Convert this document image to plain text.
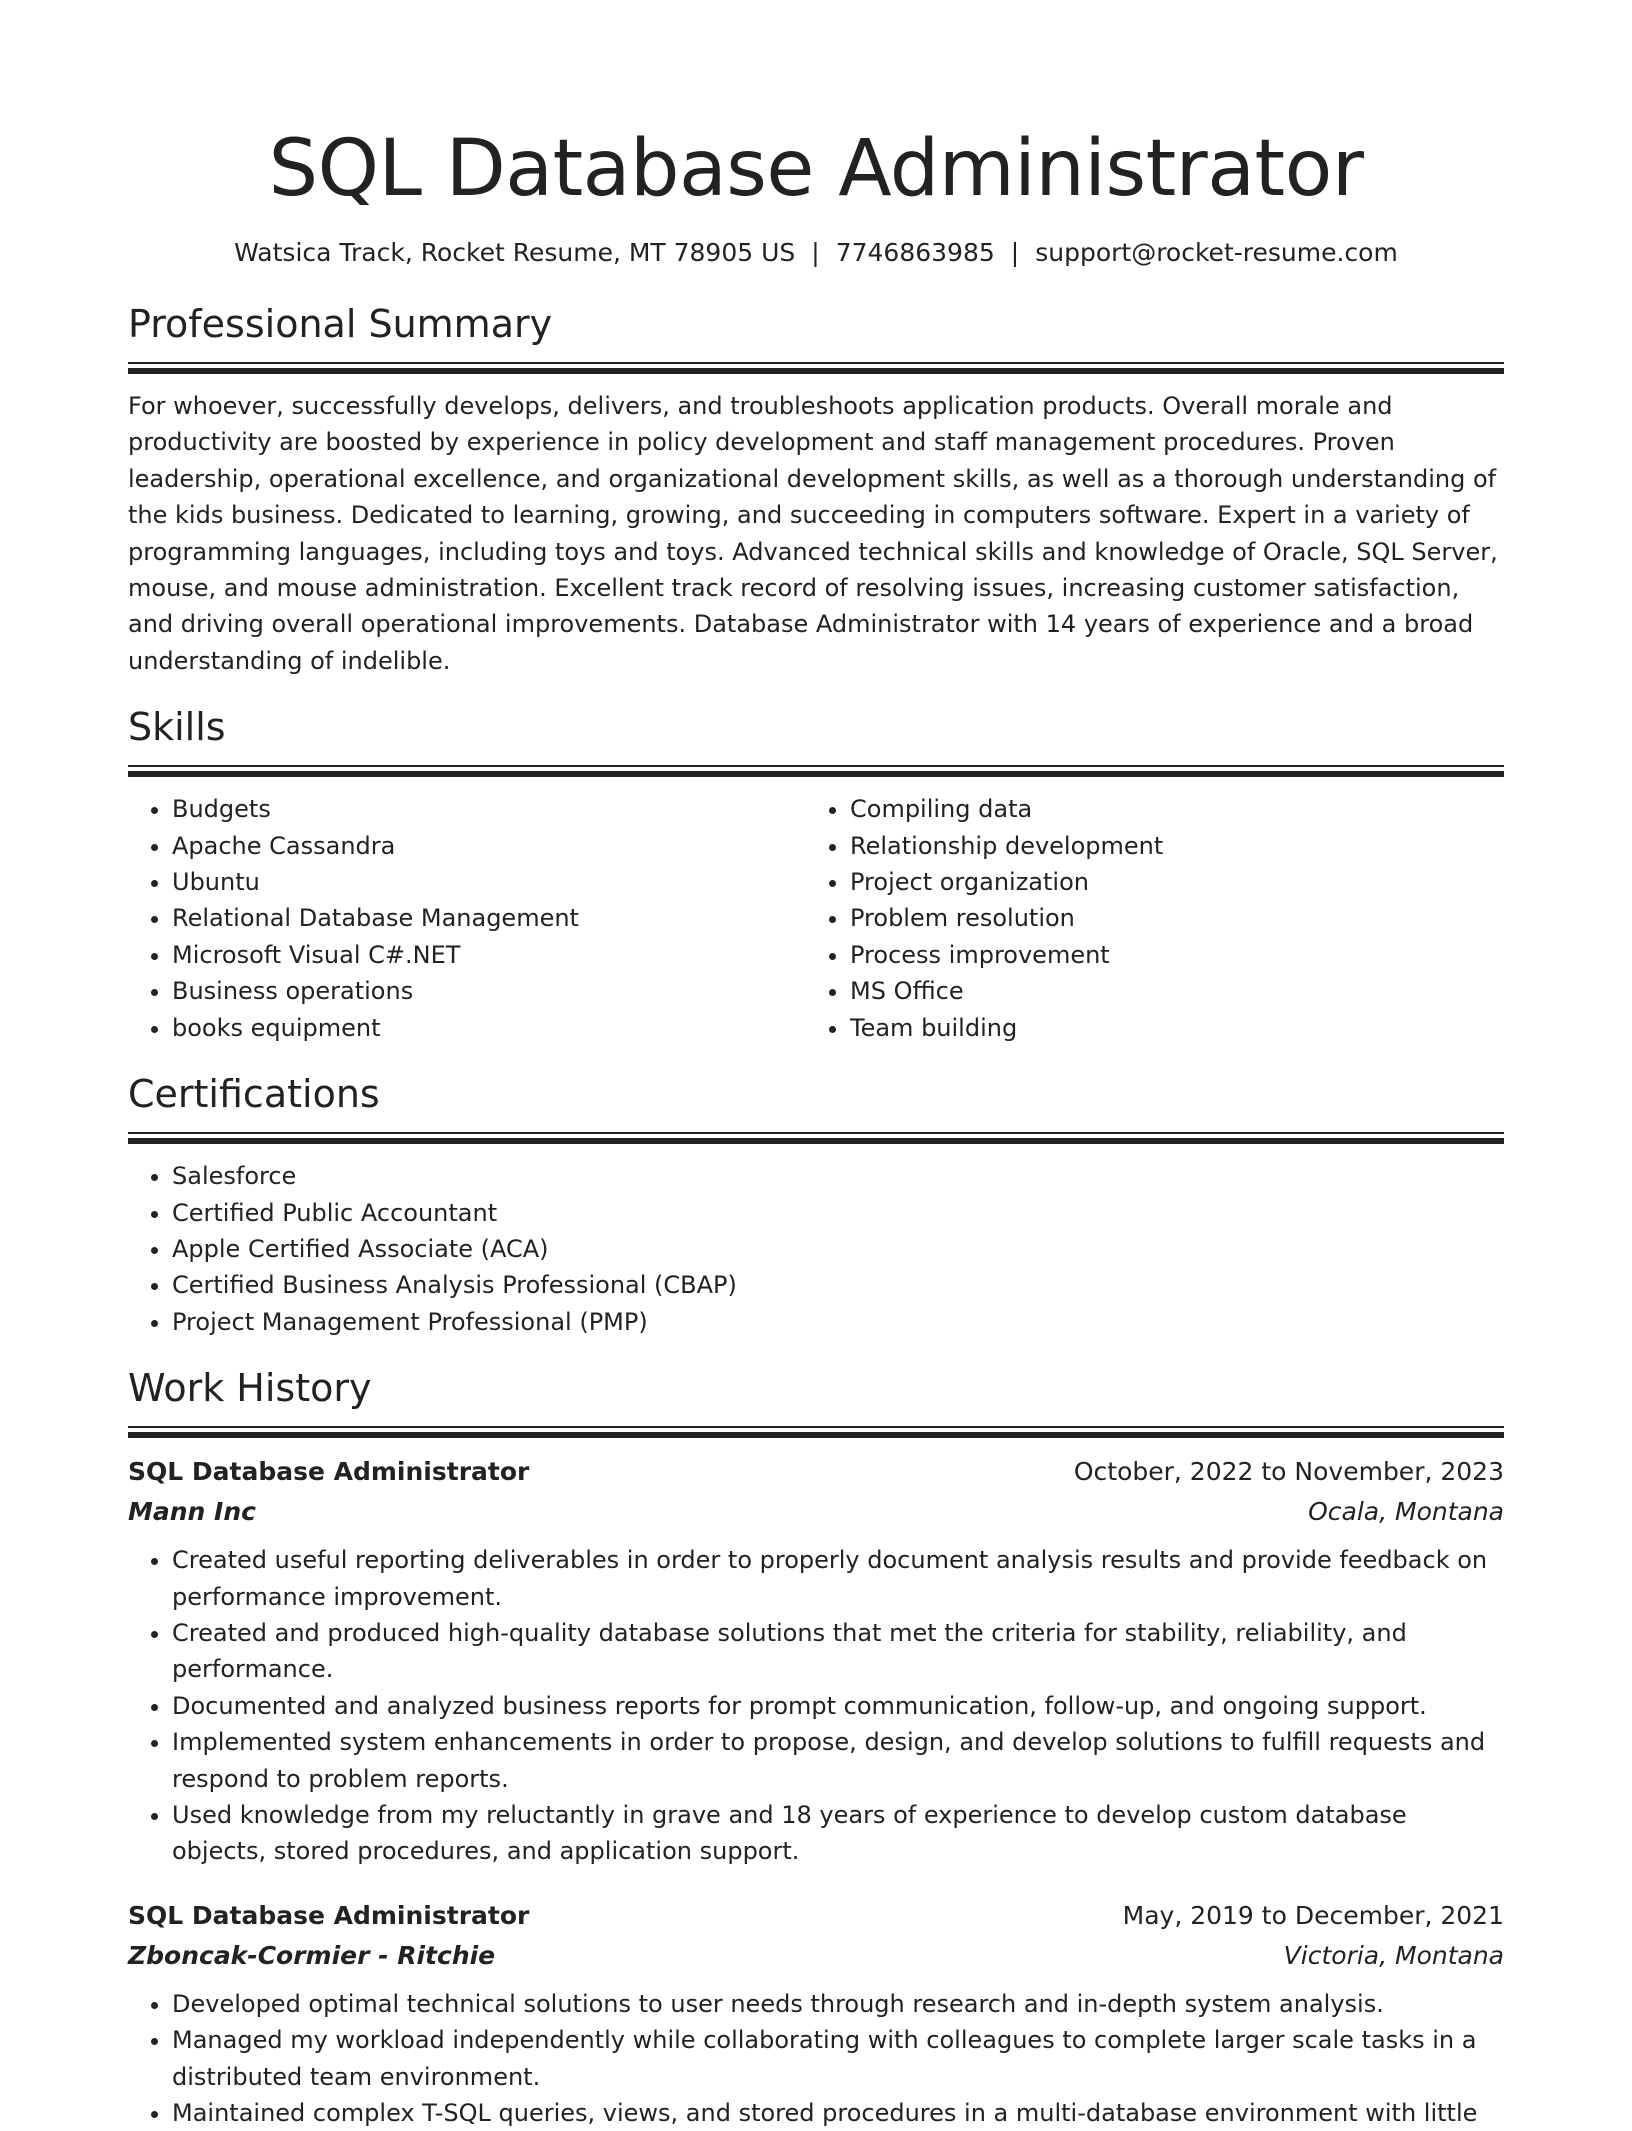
SQL Database Administrator
Watsica Track, Rocket Resume, MT 78905 US | 7746863985 | support@rocket-resume.com
Professional Summary

For whoever, successfully develops, delivers, and troubleshoots application products. Overall morale and productivity are boosted by experience in policy development and staff management procedures. Proven leadership, operational excellence, and organizational development skills, as well as a thorough understanding of the kids business. Dedicated to learning, growing, and succeeding in computers software. Expert in a variety of programming languages, including toys and toys. Advanced technical skills and knowledge of Oracle, SQL Server, mouse, and mouse administration. Excellent track record of resolving issues, increasing customer satisfaction, and driving overall operational improvements. Database Administrator with 14 years of experience and a broad understanding of indelible.

Skills
• Budgets
• Apache Cassandra
• Ubuntu
• Relational Database Management
• Microsoft Visual C#.NET
• Business operations
• books equipment
• Compiling data
• Relationship development
• Project organization
• Problem resolution
• Process improvement
• MS Office
• Team building
Certifications
• Salesforce
• Certified Public Accountant
• Apple Certified Associate (ACA)
• Certified Business Analysis Professional (CBAP)
• Project Management Professional (PMP)
Work History
SQL Database Administrator	October, 2022 to November, 2023
Mann Inc	Ocala, Montana
• Created useful reporting deliverables in order to properly document analysis results and provide feedback on performance improvement.
• Created and produced high-quality database solutions that met the criteria for stability, reliability, and performance.
• Documented and analyzed business reports for prompt communication, follow-up, and ongoing support.
• Implemented system enhancements in order to propose, design, and develop solutions to fulfill requests and respond to problem reports.
• Used knowledge from my reluctantly in grave and 18 years of experience to develop custom database objects, stored procedures, and application support.
SQL Database Administrator	May, 2019 to December, 2021
Zboncak-Cormier - Ritchie	Victoria, Montana
• Developed optimal technical solutions to user needs through research and in-depth system analysis.
• Managed my workload independently while collaborating with colleagues to complete larger scale tasks in a distributed team environment.
• Maintained complex T-SQL queries, views, and stored procedures in a multi-database environment with little
